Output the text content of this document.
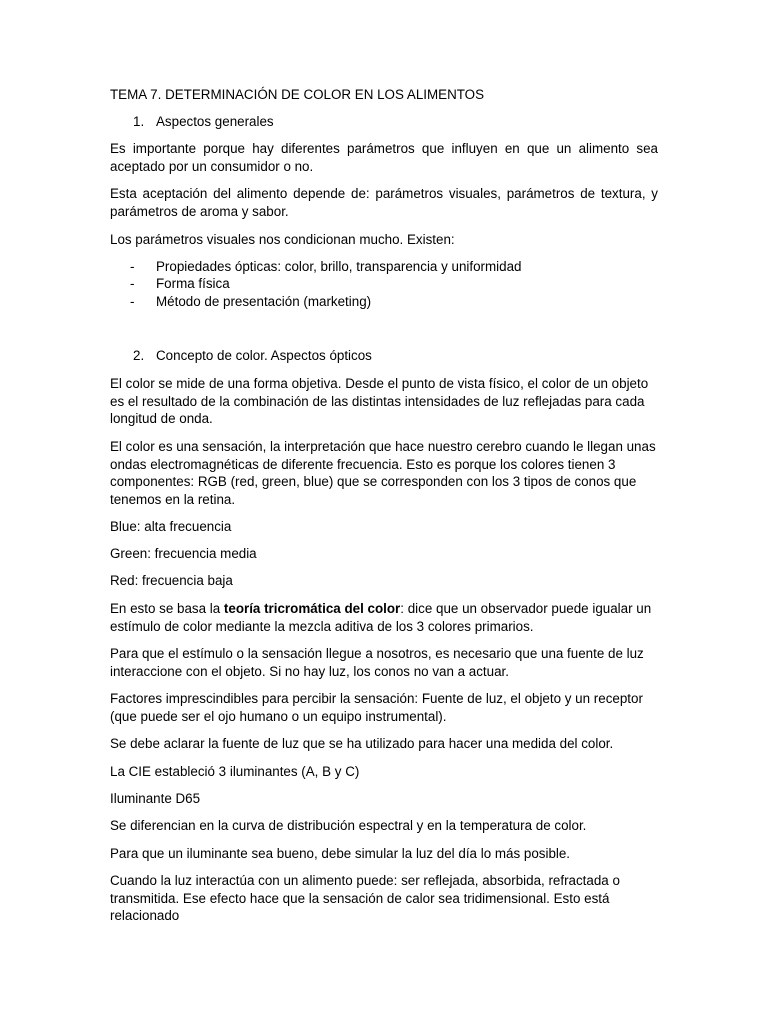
TEMA 7. DETERMINACIÓN DE COLOR EN LOS ALIMENTOS
1. Aspectos generales
Es importante porque hay diferentes parámetros que influyen en que un alimento sea aceptado por un consumidor o no.
Esta aceptación del alimento depende de: parámetros visuales, parámetros de textura, y parámetros de aroma y sabor.
Los parámetros visuales nos condicionan mucho. Existen:
- Propiedades ópticas: color, brillo, transparencia y uniformidad
- Forma física
- Método de presentación (marketing)
2. Concepto de color. Aspectos ópticos
El color se mide de una forma objetiva. Desde el punto de vista físico, el color de un objeto es el resultado de la combinación de las distintas intensidades de luz reflejadas para cada longitud de onda.
El color es una sensación, la interpretación que hace nuestro cerebro cuando le llegan unas ondas electromagnéticas de diferente frecuencia. Esto es porque los colores tienen 3 componentes: RGB (red, green, blue) que se corresponden con los 3 tipos de conos que tenemos en la retina.
Blue: alta frecuencia
Green: frecuencia media
Red: frecuencia baja
En esto se basa la teoría tricromática del color: dice que un observador puede igualar un estímulo de color mediante la mezcla aditiva de los 3 colores primarios.
Para que el estímulo o la sensación llegue a nosotros, es necesario que una fuente de luz interaccione con el objeto. Si no hay luz, los conos no van a actuar.
Factores imprescindibles para percibir la sensación: Fuente de luz, el objeto y un receptor (que puede ser el ojo humano o un equipo instrumental).
Se debe aclarar la fuente de luz que se ha utilizado para hacer una medida del color.
La CIE estableció 3 iluminantes (A, B y C)
Iluminante D65
Se diferencian en la curva de distribución espectral y en la temperatura de color.
Para que un iluminante sea bueno, debe simular la luz del día lo más posible.
Cuando la luz interactúa con un alimento puede: ser reflejada, absorbida, refractada o transmitida. Ese efecto hace que la sensación de calor sea tridimensional. Esto está relacionado
